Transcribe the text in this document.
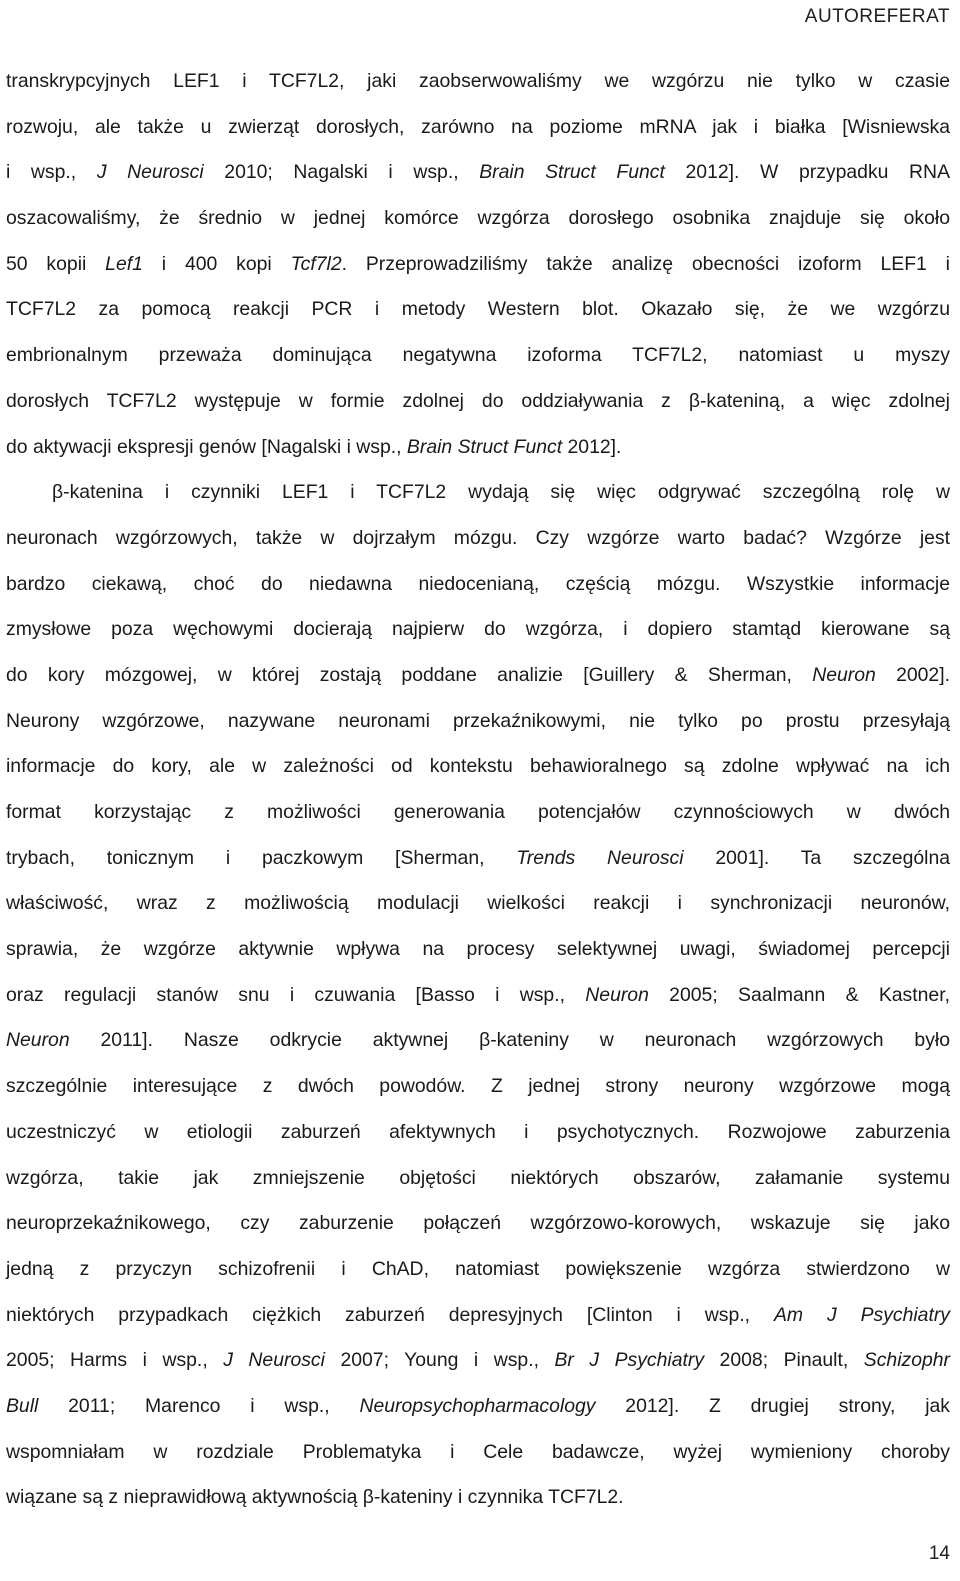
AUTOREFERAT
transkrypcyjnych LEF1 i TCF7L2, jaki zaobserwowaliśmy we wzgórzu nie tylko w czasie
rozwoju, ale także u zwierząt dorosłych, zarówno na poziome mRNA jak i białka [Wisniewska
i wsp., J Neurosci 2010; Nagalski i wsp., Brain Struct Funct 2012]. W przypadku RNA
oszacowaliśmy, że średnio w jednej komórce wzgórza dorosłego osobnika znajduje się około
50 kopii Lef1 i 400 kopi Tcf7l2. Przeprowadziliśmy także analizę obecności izoform LEF1 i
TCF7L2 za pomocą reakcji PCR i metody Western blot. Okazało się, że we wzgórzu
embrionalnym przeważa dominująca negatywna izoforma TCF7L2, natomiast u myszy
dorosłych TCF7L2 występuje w formie zdolnej do oddziaływania z β-kateniną, a więc zdolnej
do aktywacji ekspresji genów [Nagalski i wsp., Brain Struct Funct 2012].
β-katenina i czynniki LEF1 i TCF7L2 wydają się więc odgrywać szczególną rolę w
neuronach wzgórzowych, także w dojrzałym mózgu. Czy wzgórze warto badać? Wzgórze jest
bardzo ciekawą, choć do niedawna niedocenianą, częścią mózgu. Wszystkie informacje
zmysłowe poza węchowymi docierają najpierw do wzgórza, i dopiero stamtąd kierowane są
do kory mózgowej, w której zostają poddane analizie [Guillery & Sherman, Neuron 2002].
Neurony wzgórzowe, nazywane neuronami przekaźnikowymi, nie tylko po prostu przesyłają
informacje do kory, ale w zależności od kontekstu behawioralnego są zdolne wpływać na ich
format korzystając z możliwości generowania potencjałów czynnościowych w dwóch
trybach, tonicznym i paczkowym [Sherman, Trends Neurosci 2001]. Ta szczególna
właściwość, wraz z możliwością modulacji wielkości reakcji i synchronizacji neuronów,
sprawia, że wzgórze aktywnie wpływa na procesy selektywnej uwagi, świadomej percepcji
oraz regulacji stanów snu i czuwania [Basso i wsp., Neuron 2005; Saalmann & Kastner,
Neuron 2011]. Nasze odkrycie aktywnej β-kateniny w neuronach wzgórzowych było
szczególnie interesujące z dwóch powodów. Z jednej strony neurony wzgórzowe mogą
uczestniczyć w etiologii zaburzeń afektywnych i psychotycznych. Rozwojowe zaburzenia
wzgórza, takie jak zmniejszenie objętości niektórych obszarów, załamanie systemu
neuroprzekaźnikowego, czy zaburzenie połączeń wzgórzowo-korowych, wskazuje się jako
jedną z przyczyn schizofrenii i ChAD, natomiast powiększenie wzgórza stwierdzono w
niektórych przypadkach ciężkich zaburzeń depresyjnych [Clinton i wsp., Am J Psychiatry
2005; Harms i wsp., J Neurosci 2007; Young i wsp., Br J Psychiatry 2008; Pinault, Schizophr
Bull 2011; Marenco i wsp., Neuropsychopharmacology 2012]. Z drugiej strony, jak
wspomniałam w rozdziale Problematyka i Cele badawcze, wyżej wymieniony choroby
wiązane są z nieprawidłową aktywnością β-kateniny i czynnika TCF7L2.
14
